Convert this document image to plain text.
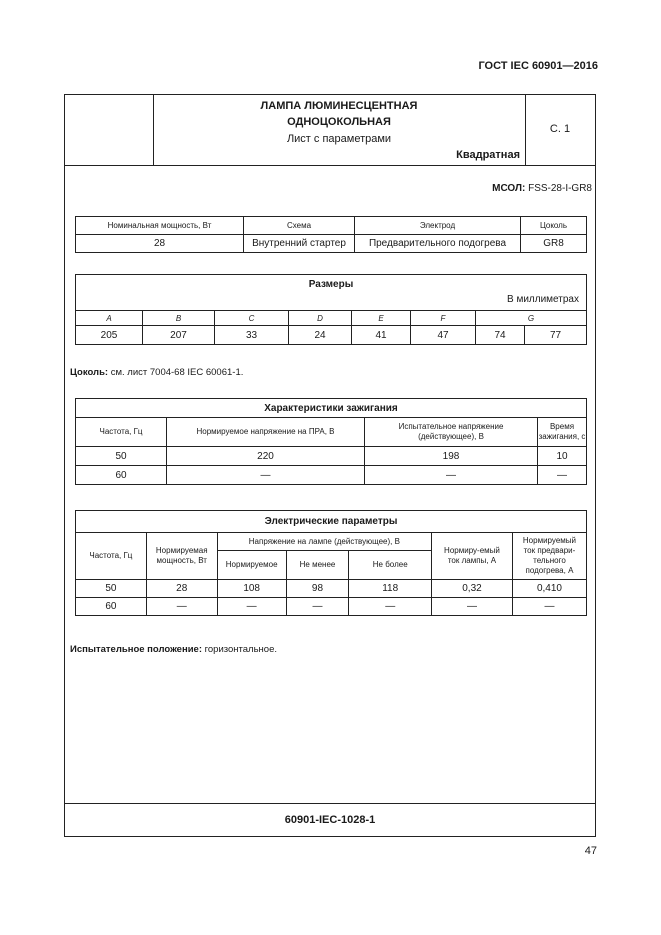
ГОСТ IEC 60901—2016
ЛАМПА ЛЮМИНЕСЦЕНТНАЯ
ОДНОЦОКОЛЬНАЯ
Лист с параметрами
Квадратная
С. 1
60901-IEC-1028-1
МСОЛ: FSS-28-I-GR8
Номинальная мощность, Вт	Схема	Электрод	Цоколь
28	Внутренний стартер	Предварительного подогрева	GR8
Размеры
В миллиметрах							

A	B	C	D	E	F	G	
205	207	33	24	41	47	74	77
Цоколь: см. лист 7004-68 IEC 60061-1.
Характеристики зажигания			
Частота, Гц	Нормируемое напряжение на ПРА, В	Испытательное напряжение (действующее), В	Время зажигания, с
50	220	198	10
60	—	—	—
Электрические параметры						
Частота, Гц	Нормируемая мощность, Вт	Напряжение на лампе (действующее), В			Нормиру-емый ток лампы, А	Нормируемый ток предвари-тельного подогрева, А
		Нормируемое	Не менее	Не более		
50	28	108	98	118	0,32	0,410
60	—	—	—	—	—	—
Испытательное положение: горизонтальное.
47
